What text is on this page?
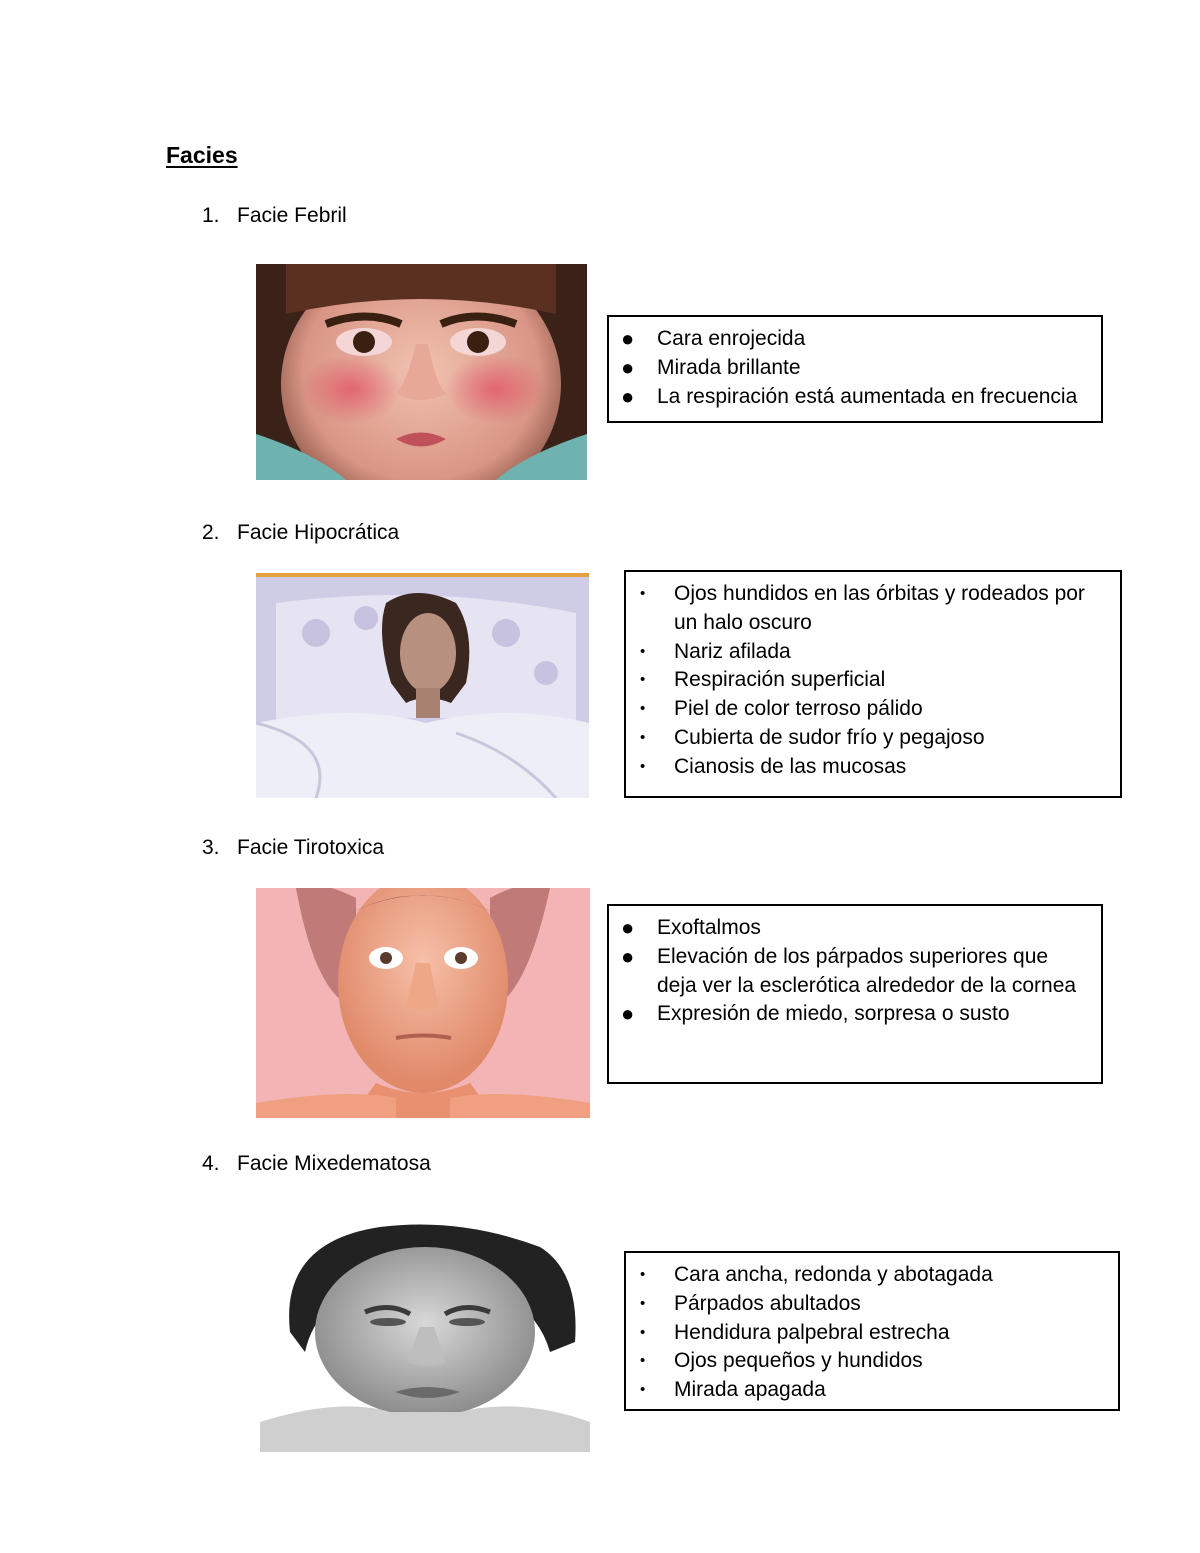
Facies
1. Facie Febril
● Cara enrojecida
● Mirada brillante
● La respiración está aumentada en frecuencia
2. Facie Hipocrática
• Ojos hundidos en las órbitas y rodeados por un halo oscuro
• Nariz afilada
• Respiración superficial
• Piel de color terroso pálido
• Cubierta de sudor frío y pegajoso
• Cianosis de las mucosas
3. Facie Tirotoxica
● Exoftalmos
● Elevación de los párpados superiores que deja ver la esclerótica alrededor de la cornea
● Expresión de miedo, sorpresa o susto
4. Facie Mixedematosa
• Cara ancha, redonda y abotagada
• Párpados abultados
• Hendidura palpebral estrecha
• Ojos pequeños y hundidos
• Mirada apagada
